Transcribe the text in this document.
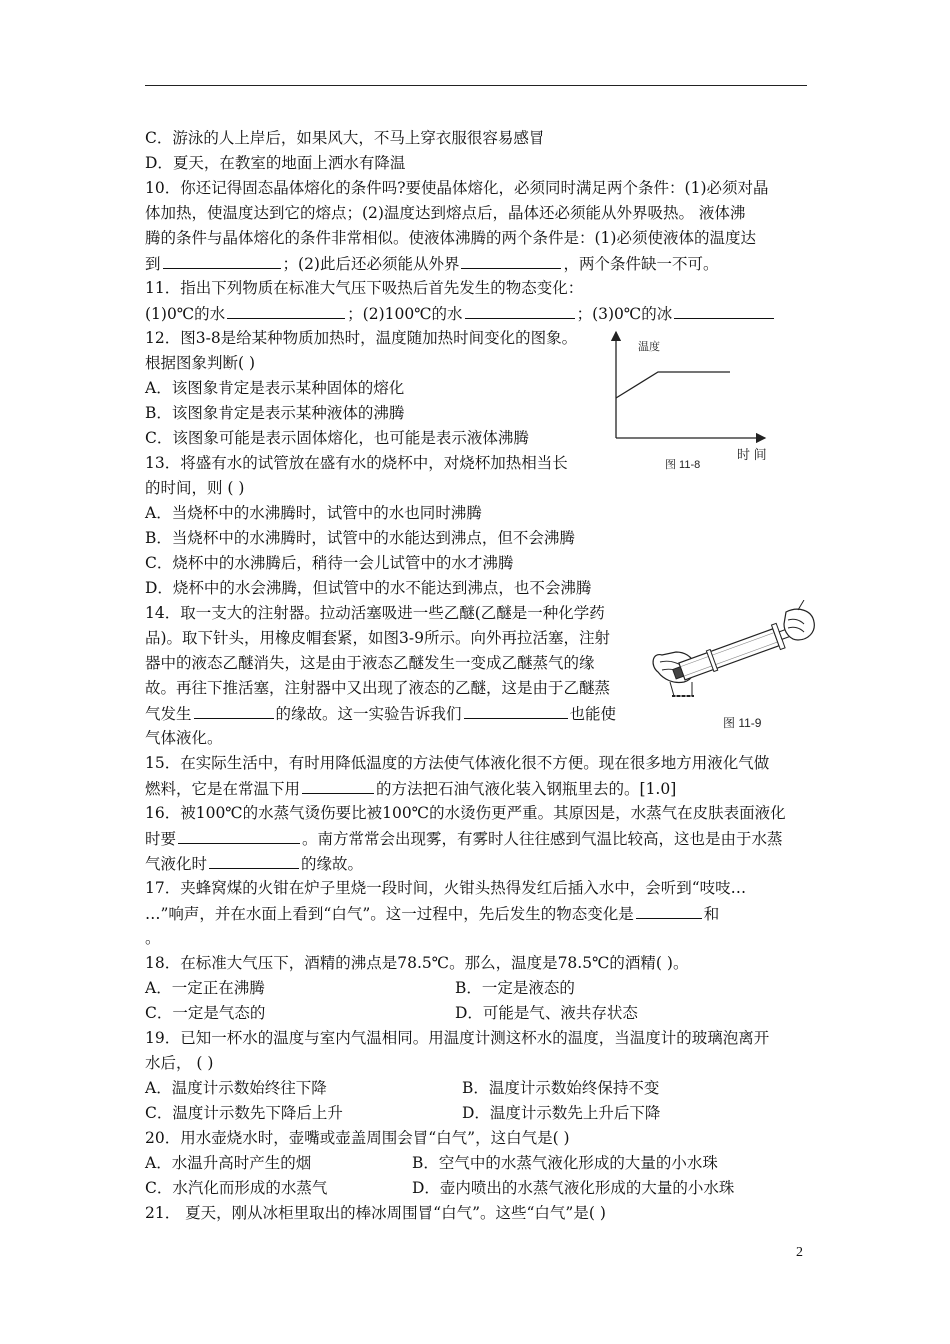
C．游泳的人上岸后，如果风大，不马上穿衣服很容易感冒
D．夏天，在教室的地面上洒水有降温
10．你还记得固态晶体熔化的条件吗?要使晶体熔化，必须同时满足两个条件：(1)必须对晶
体加热，使温度达到它的熔点；(2)温度达到熔点后，晶体还必须能从外界吸热。 液体沸
腾的条件与晶体熔化的条件非常相似。使液体沸腾的两个条件是：(1)必须使液体的温度达
到	；(2)此后还必须能从外界	，两个条件缺一不可。
11．指出下列物质在标准大气压下吸热后首先发生的物态变化：
(1)0℃的水	；(2)100℃的水	；(3)0℃的冰
12．图3-8是给某种物质加热时，温度随加热时间变化的图象。
根据图象判断( )
A．该图象肯定是表示某种固体的熔化
B．该图象肯定是表示某种液体的沸腾
C．该图象可能是表示固体熔化，也可能是表示液体沸腾
13．将盛有水的试管放在盛有水的烧杯中，对烧杯加热相当长
的时间，则 ( )
A．当烧杯中的水沸腾时，试管中的水也同时沸腾
B．当烧杯中的水沸腾时，试管中的水能达到沸点，但不会沸腾
C．烧杯中的水沸腾后，稍待一会儿试管中的水才沸腾
D．烧杯中的水会沸腾，但试管中的水不能达到沸点，也不会沸腾
14．取一支大的注射器。拉动活塞吸进一些乙醚(乙醚是一种化学药
品)。取下针头，用橡皮帽套紧，如图3-9所示。向外再拉活塞，注射
器中的液态乙醚消失，这是由于液态乙醚发生一变成乙醚蒸气的缘
故。再往下推活塞，注射器中又出现了液态的乙醚，这是由于乙醚蒸
气发生	的缘故。这一实验告诉我们	也能使
气体液化。
15．在实际生活中，有时用降低温度的方法使气体液化很不方便。现在很多地方用液化气做
燃料，它是在常温下用	的方法把石油气液化装入钢瓶里去的。[1.0]
16．被100℃的水蒸气烫伤要比被100℃的水烫伤更严重。其原因是，水蒸气在皮肤表面液化
时要	。南方常常会出现雾，有雾时人往往感到气温比较高，这也是由于水蒸
气液化时	的缘故。
17．夹蜂窝煤的火钳在炉子里烧一段时间，火钳头热得发红后插入水中，会听到“吱吱…
…”响声，并在水面上看到“白气”。这一过程中，先后发生的物态变化是	和
。
18．在标准大气压下，酒精的沸点是78.5℃。那么，温度是78.5℃的酒精( )。
A．一定正在沸腾	B．一定是液态的
C．一定是气态的	D．可能是气、液共存状态
19．已知一杯水的温度与室内气温相同。用温度计测这杯水的温度，当温度计的玻璃泡离开
水后， ( )
A．温度计示数始终往下降	B．温度计示数始终保持不变
C．温度计示数先下降后上升	D．温度计示数先上升后下降
20．用水壶烧水时，壶嘴或壶盖周围会冒“白气”，这白气是( )
A．水温升高时产生的烟	B．空气中的水蒸气液化形成的大量的小水珠
C．水汽化而形成的水蒸气	D．壶内喷出的水蒸气液化形成的大量的小水珠
21． 夏天，刚从冰柜里取出的棒冰周围冒“白气”。这些“白气”是( )
温度
时 间
图 11-8
图 11-9
2
